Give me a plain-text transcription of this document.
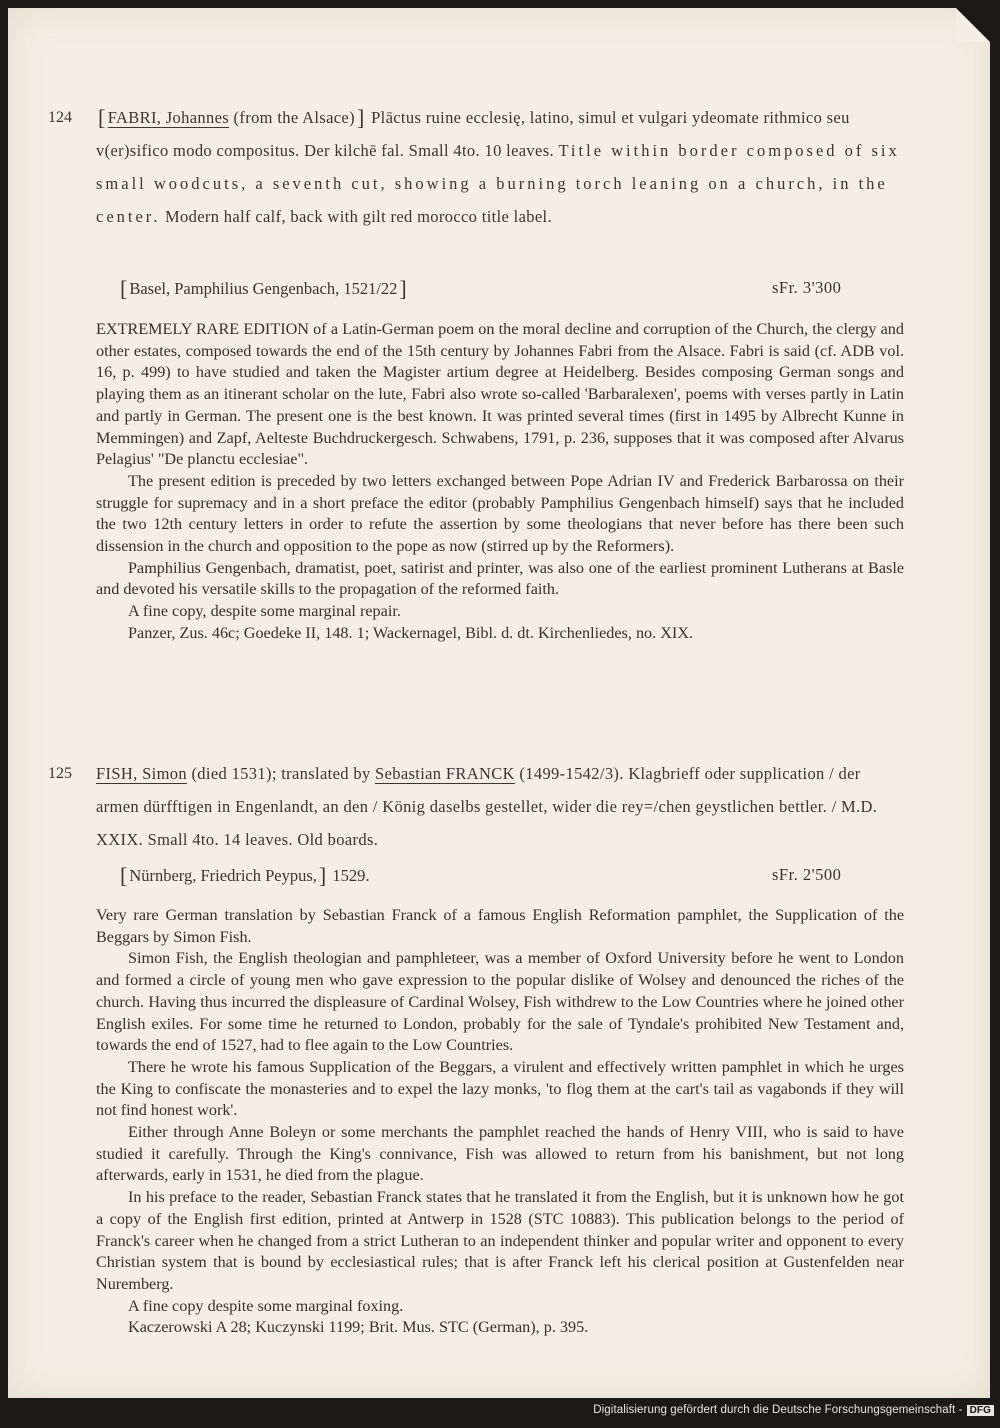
124 [ FABRI, Johannes (from the Alsace)] Plāctus ruine ecclesię, latino, simul et vulgari ydeomate rithmico seu v(er)sifico modo compositus. Der kilchē fal. Small 4to. 10 leaves. Title within border composed of six small woodcuts, a seventh cut, showing a burning torch leaning on a church, in the center. Modern half calf, back with gilt red morocco title label.
[ Basel, Pamphilius Gengenbach, 1521/22]	sFr. 3'300

EXTREMELY RARE EDITION of a Latin-German poem on the moral decline and corruption of the Church, the clergy and other estates, composed towards the end of the 15th century by Johannes Fabri from the Alsace. Fabri is said (cf. ADB vol. 16, p. 499) to have studied and taken the Magister artium degree at Heidelberg. Besides composing German songs and playing them as an itinerant scholar on the lute, Fabri also wrote so-called 'Barbaralexen', poems with verses partly in Latin and partly in German. The present one is the best known. It was printed several times (first in 1495 by Albrecht Kunne in Memmingen) and Zapf, Aelteste Buchdruckergesch. Schwabens, 1791, p. 236, supposes that it was composed after Alvarus Pelagius' "De planctu ecclesiae".

The present edition is preceded by two letters exchanged between Pope Adrian IV and Frederick Barbarossa on their struggle for supremacy and in a short preface the editor (probably Pamphilius Gengenbach himself) says that he included the two 12th century letters in order to refute the assertion by some theologians that never before has there been such dissension in the church and opposition to the pope as now (stirred up by the Reformers).

Pamphilius Gengenbach, dramatist, poet, satirist and printer, was also one of the earliest prominent Lutherans at Basle and devoted his versatile skills to the propagation of the reformed faith.

A fine copy, despite some marginal repair.

Panzer, Zus. 46c; Goedeke II, 148. 1; Wackernagel, Bibl. d. dt. Kirchenliedes, no. XIX.

125 FISH, Simon (died 1531); translated by Sebastian FRANCK (1499-1542/3). Klagbrieff oder supplication / der armen dürfftigen in Engenlandt, an den / König daselbs gestellet, wider die rey=/chen geystlichen bettler. / M.D. XXIX. Small 4to. 14 leaves. Old boards.
[ Nürnberg, Friedrich Peypus,] 1529.	sFr. 2'500

Very rare German translation by Sebastian Franck of a famous English Reformation pamphlet, the Supplication of the Beggars by Simon Fish.

Simon Fish, the English theologian and pamphleteer, was a member of Oxford University before he went to London and formed a circle of young men who gave expression to the popular dislike of Wolsey and denounced the riches of the church. Having thus incurred the displeasure of Cardinal Wolsey, Fish withdrew to the Low Countries where he joined other English exiles. For some time he returned to London, probably for the sale of Tyndale's prohibited New Testament and, towards the end of 1527, had to flee again to the Low Countries.

There he wrote his famous Supplication of the Beggars, a virulent and effectively written pamphlet in which he urges the King to confiscate the monasteries and to expel the lazy monks, 'to flog them at the cart's tail as vagabonds if they will not find honest work'.

Either through Anne Boleyn or some merchants the pamphlet reached the hands of Henry VIII, who is said to have studied it carefully. Through the King's connivance, Fish was allowed to return from his banishment, but not long afterwards, early in 1531, he died from the plague.

In his preface to the reader, Sebastian Franck states that he translated it from the English, but it is unknown how he got a copy of the English first edition, printed at Antwerp in 1528 (STC 10883). This publication belongs to the period of Franck's career when he changed from a strict Lutheran to an independent thinker and popular writer and opponent to every Christian system that is bound by ecclesiastical rules; that is after Franck left his clerical position at Gustenfelden near Nuremberg.

A fine copy despite some marginal foxing.

Kaczerowski A 28; Kuczynski 1199; Brit. Mus. STC (German), p. 395.

Digitalisierung gefördert durch die Deutsche Forschungsgemeinschaft - DFG
